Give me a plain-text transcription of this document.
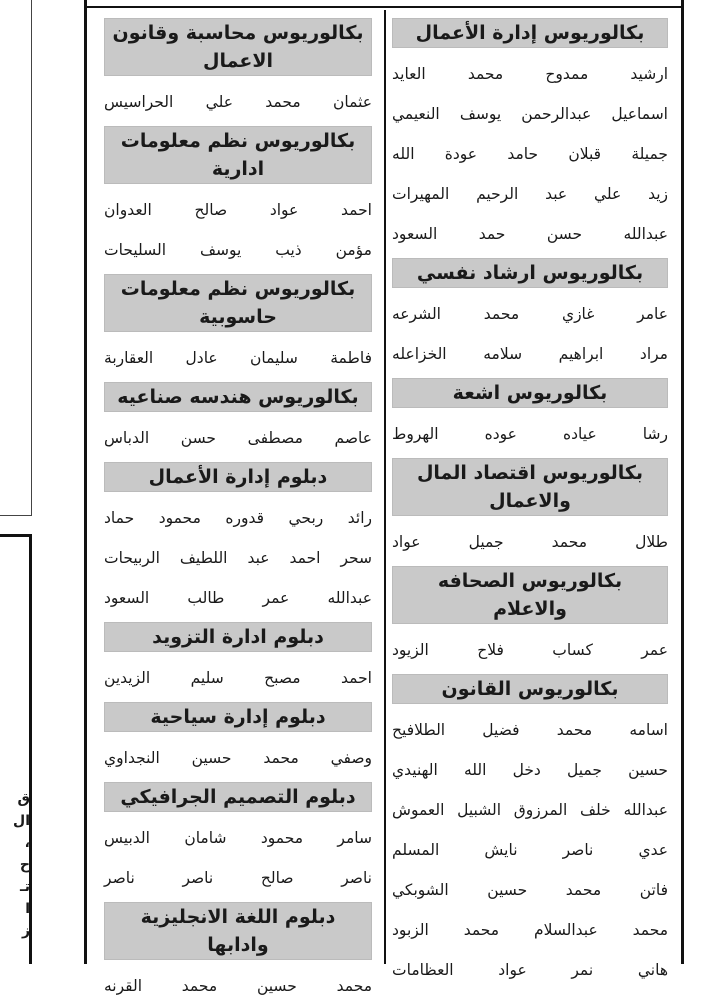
ق
ال
،
ح
تـ
ا
ز
بكالوريوس إدارة الأعمال
ارشيد
ممدوح
محمد
العايد
اسماعيل
عبدالرحمن
يوسف
النعيمي
جميلة
قبلان
حامد
عودة
الله
زيد
علي
عبد
الرحيم
المهيرات
عبدالله
حسن
حمد
السعود
بكالوريوس ارشاد نفسي
عامر
غازي
محمد
الشرعه
مراد
ابراهيم
سلامه
الخزاعله
بكالوريوس اشعة
رشا
عياده
عوده
الهروط
بكالوريوس اقتصاد المال والاعمال
طلال
محمد
جميل
عواد
بكالوريوس الصحافه والاعلام
عمر
كساب
فلاح
الزيود
بكالوريوس القانون
اسامه
محمد
فضيل
الطلافيح
حسين
جميل
دخل
الله
الهنيدي
عبدالله
خلف
المرزوق
الشبيل
العموش
عدي
ناصر
نايش
المسلم
فاتن
محمد
حسين
الشوبكي
محمد
عبدالسلام
محمد
الزبود
هاني
نمر
عواد
العظامات
بكالوريوس محاسبة وقانون الاعمال
عثمان
محمد
علي
الحراسيس
بكالوريوس نظم معلومات ادارية
احمد
عواد
صالح
العدوان
مؤمن
ذيب
يوسف
السليحات
بكالوريوس نظم معلومات حاسوبية
فاطمة
سليمان
عادل
العقاربة
بكالوريوس هندسه صناعيه
عاصم
مصطفى
حسن
الدباس
دبلوم إدارة الأعمال
رائد
ربحي
قدوره
محمود
حماد
سحر
احمد
عبد
اللطيف
الربيحات
عبدالله
عمر
طالب
السعود
دبلوم ادارة التزويد
احمد
مصبح
سليم
الزيدين
دبلوم إدارة سياحية
وصفي
محمد
حسين
النجداوي
دبلوم التصميم الجرافيكي
سامر
محمود
شامان
الدبيس
ناصر
صالح
ناصر
ناصر
دبلوم اللغة الانجليزية وادابها
محمد
حسين
محمد
القرنه
